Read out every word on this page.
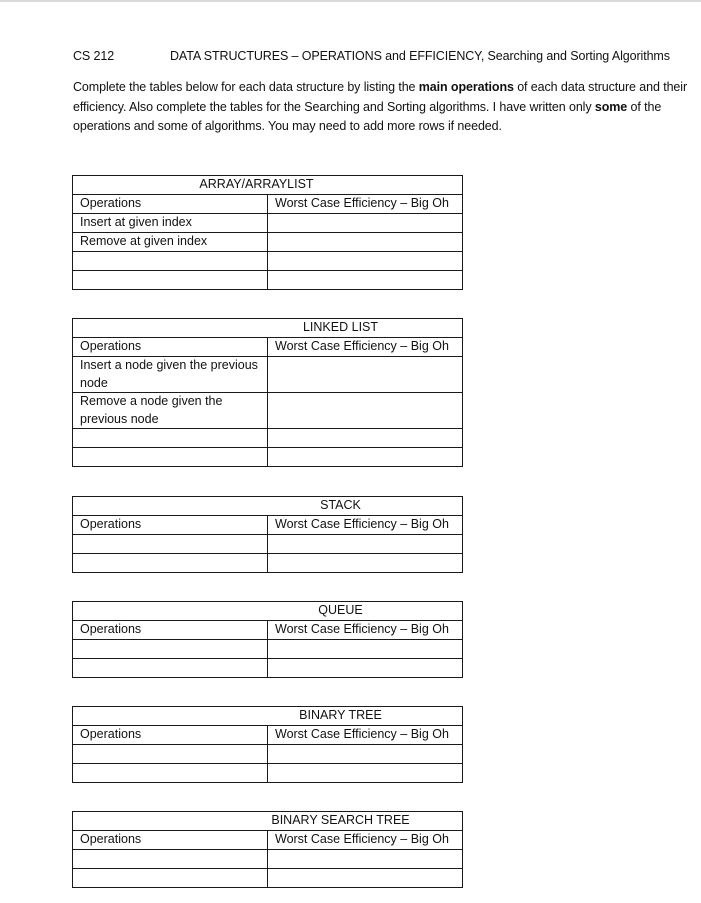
CS 212	DATA STRUCTURES – OPERATIONS and EFFICIENCY, Searching and Sorting Algorithms

Complete the tables below for each data structure by listing the main operations of each data structure and their efficiency. Also complete the tables for the Searching and Sorting algorithms. I have written only some of the operations and some of algorithms. You may need to add more rows if needed.

ARRAY/ARRAYLIST	
Operations	Worst Case Efficiency – Big Oh
Insert at given index	
Remove at given index	

LINKED LIST	
Operations	Worst Case Efficiency – Big Oh
Insert a node given the previous node	
Remove a node given the previous node	

STACK	
Operations	Worst Case Efficiency – Big Oh

QUEUE	
Operations	Worst Case Efficiency – Big Oh

BINARY TREE	
Operations	Worst Case Efficiency – Big Oh

BINARY SEARCH TREE	
Operations	Worst Case Efficiency – Big Oh
